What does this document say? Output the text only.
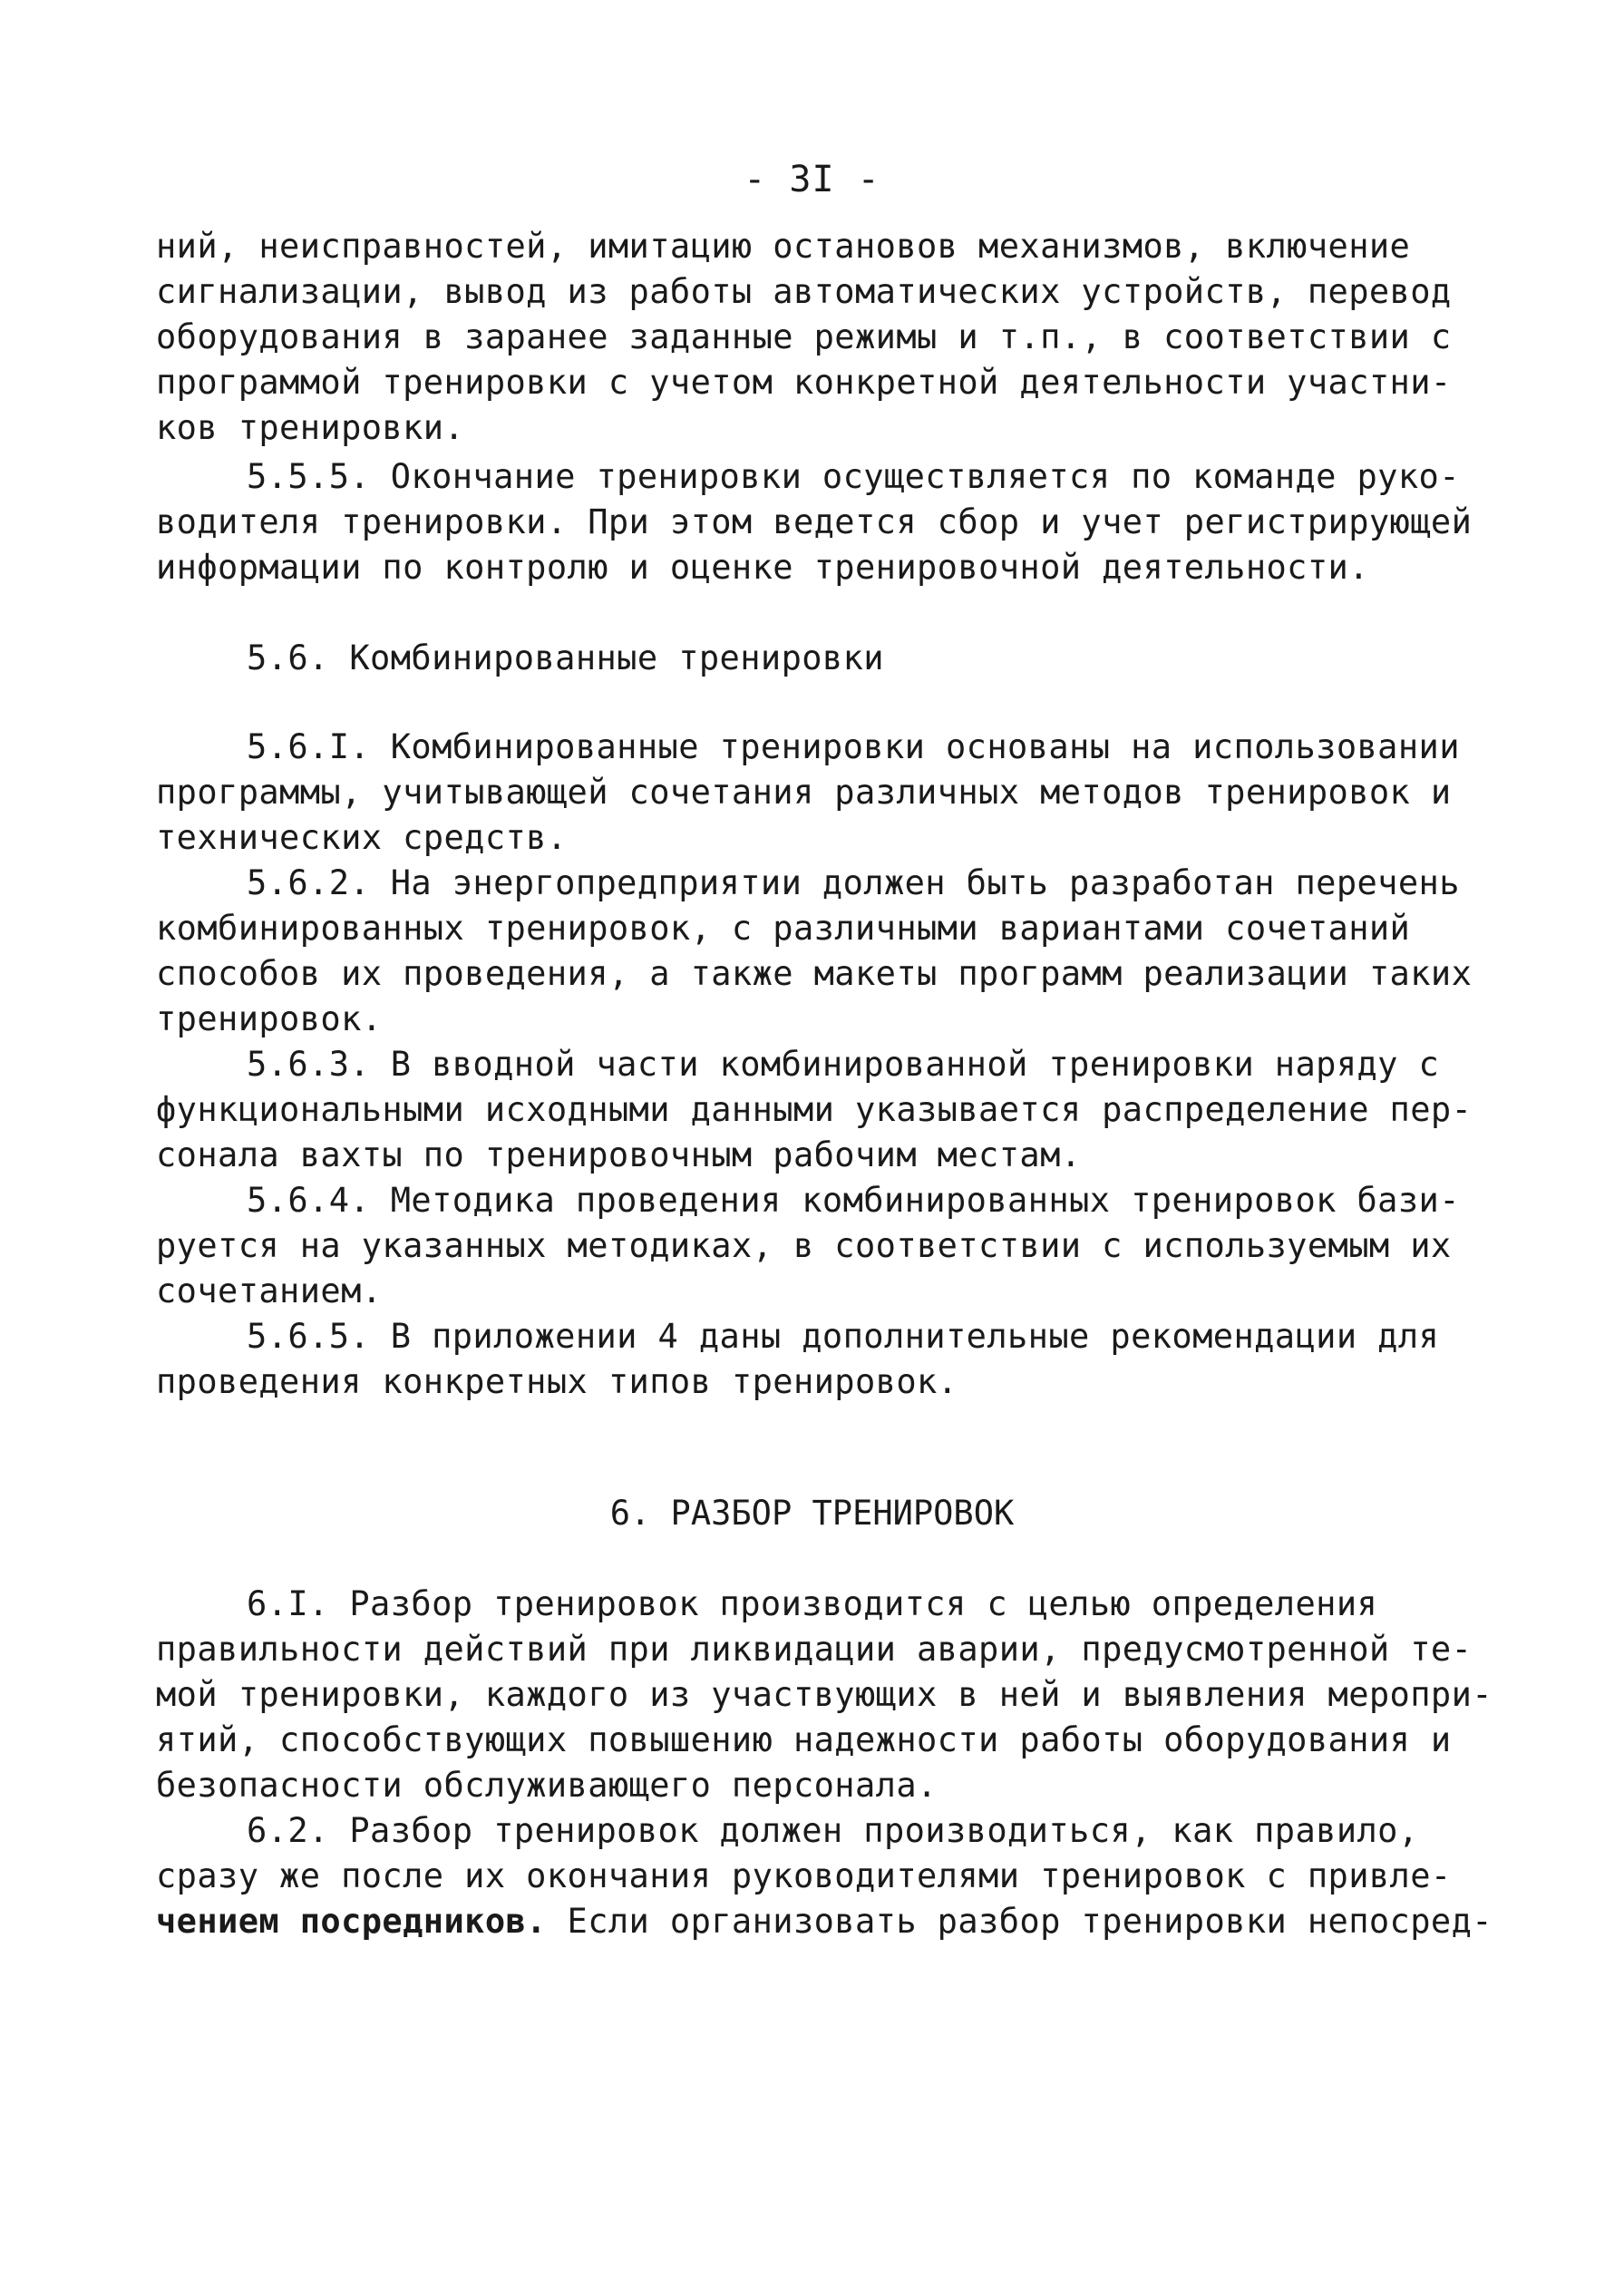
- 3I -
ний, неисправностей, имитацию остановов механизмов, включение
сигнализации, вывод из работы автоматических устройств, перевод
оборудования в заранее заданные режимы и т.п., в соответствии с
программой тренировки с учетом конкретной деятельности участни-
ков тренировки.
5.5.5. Окончание тренировки осуществляется по команде руко-
водителя тренировки. При этом ведется сбор и учет регистрирующей
информации по контролю и оценке тренировочной деятельности.
5.6. Комбинированные тренировки
5.6.I. Комбинированные тренировки основаны на использовании
программы, учитывающей сочетания различных методов тренировок и
технических средств.
5.6.2. На энергопредприятии должен быть разработан перечень
комбинированных тренировок, с различными вариантами сочетаний
способов их проведения, а также макеты программ реализации таких
тренировок.
5.6.3. В вводной части комбинированной тренировки наряду с
функциональными исходными данными указывается распределение пер-
сонала вахты по тренировочным рабочим местам.
5.6.4. Методика проведения комбинированных тренировок бази-
руется на указанных методиках, в соответствии с используемым их
сочетанием.
5.6.5. В приложении 4 даны дополнительные рекомендации для
проведения конкретных типов тренировок.
6. РАЗБОР ТРЕНИРОВОК
6.I. Разбор тренировок производится с целью определения
правильности действий при ликвидации аварии, предусмотренной те-
мой тренировки, каждого из участвующих в ней и выявления меропри-
ятий, способствующих повышению надежности работы оборудования и
безопасности обслуживающего персонала.
6.2. Разбор тренировок должен производиться, как правило,
сразу же после их окончания руководителями тренировок с привле-
чением посредников. Если организовать разбор тренировки непосред-
